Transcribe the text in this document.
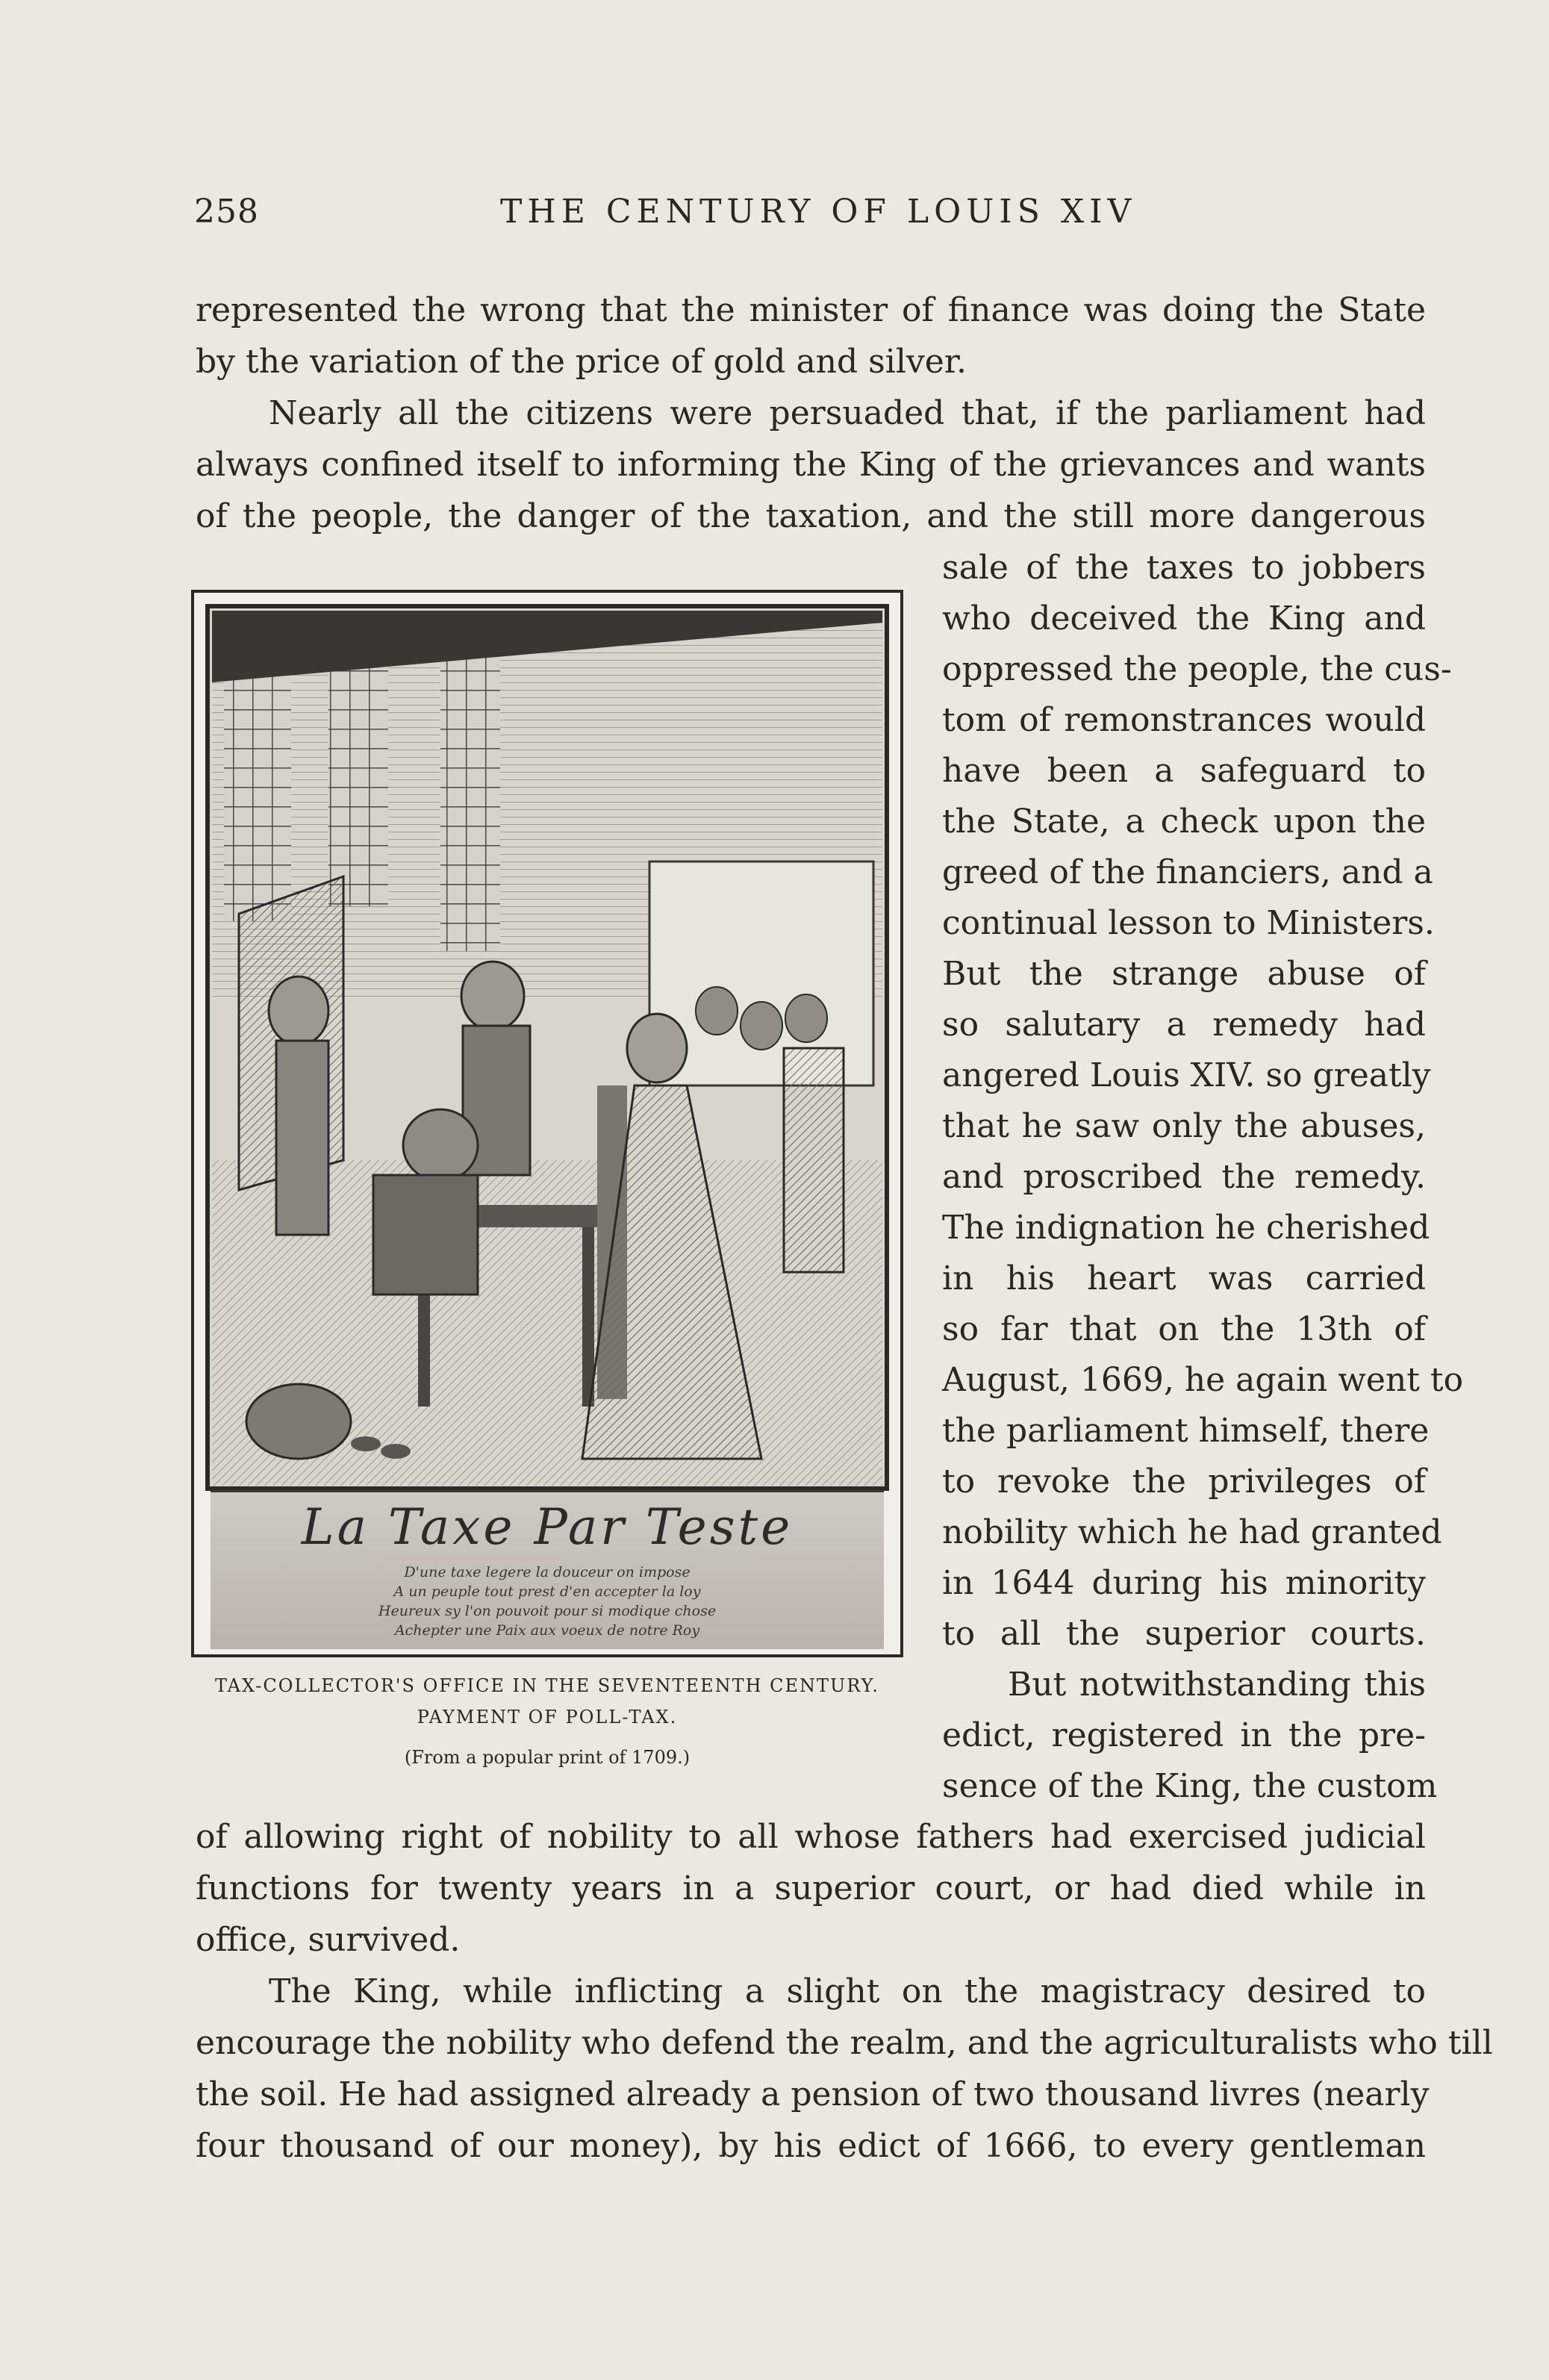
258	THE CENTURY OF LOUIS XIV
represented the wrong that the minister of finance was doing the State
by the variation of the price of gold and silver.
Nearly all the citizens were persuaded that, if the parliament had
always confined itself to informing the King of the grievances and wants
of the people, the danger of the taxation, and the still more dangerous
sale of the taxes to jobbers
who deceived the King and
oppressed the people, the cus-
tom of remonstrances would
have been a safeguard to
the State, a check upon the
greed of the financiers, and a
continual lesson to Ministers.
But the strange abuse of
so salutary a remedy had
angered Louis XIV. so greatly
that he saw only the abuses,
and proscribed the remedy.
The indignation he cherished
in his heart was carried
so far that on the 13th of
August, 1669, he again went to
the parliament himself, there
to revoke the privileges of
nobility which he had granted
in 1644 during his minority
to all the superior courts.
But notwithstanding this
edict, registered in the pre-
sence of the King, the custom
of allowing right of nobility to all whose fathers had exercised judicial
functions for twenty years in a superior court, or had died while in
office, survived.
The King, while inflicting a slight on the magistracy desired to
encourage the nobility who defend the realm, and the agriculturalists who till
the soil. He had assigned already a pension of two thousand livres (nearly
four thousand of our money), by his edict of 1666, to every gentleman
La Taxe Par Teste
D'une taxe legere la douceur on impose
A un peuple tout prest d'en accepter la loy
Heureux sy l'on pouvoit pour si modique chose
Achepter une Paix aux voeux de notre Roy
TAX-COLLECTOR'S OFFICE IN THE SEVENTEENTH CENTURY.
PAYMENT OF POLL-TAX.
(From a popular print of 1709.)
